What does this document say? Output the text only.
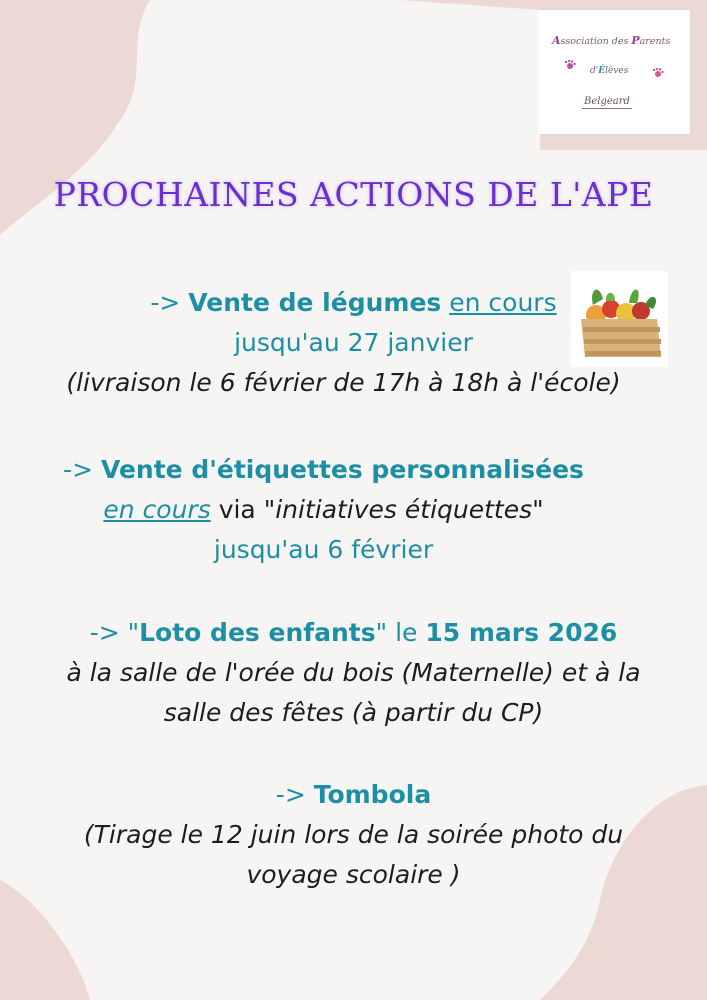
Association des Parents
d'Élèves
Belgeard
PROCHAINES ACTIONS DE L'APE
-> Vente de légumes en cours
jusqu'au 27 janvier
(livraison le 6 février de 17h à 18h à l'école)
-> Vente d'étiquettes personnalisées
en cours via "initiatives étiquettes"
jusqu'au 6 février
-> "Loto des enfants" le 15 mars 2026
à la salle de l'orée du bois (Maternelle) et à la
salle des fêtes (à partir du CP)
-> Tombola
(Tirage le 12 juin lors de la soirée photo du
voyage scolaire )
